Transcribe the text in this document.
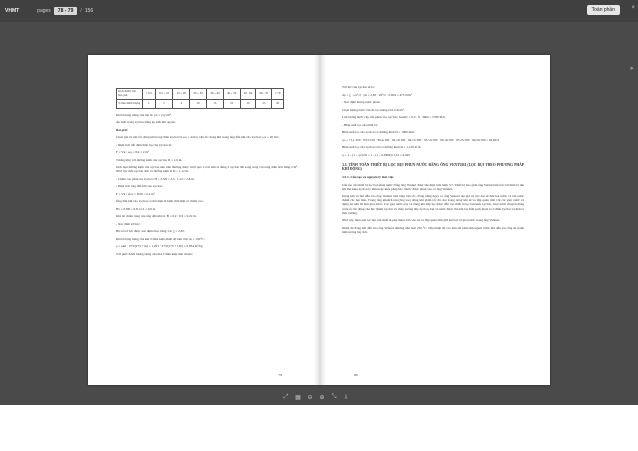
VHMT	pages	78 - 79	/ 156	Toàn phần	×
▸
Kích thước hạt bụi, µm	< 0,5	0,5 ÷ 10	10 ÷ 20	20 ÷ 30	30 ÷ 40	40 ÷ 50	50 - 60	60 - 70	> 70
% theo khối lượng	1	5	4	10	15	10	10	25	20

Khối lượng riêng của bụi là: ρb = 2 g/cm³.

Áp suất trong xyclon bằng áp suất khí quyển.

Bài giải:

Chọn giá trị vận tốc dòng khí trong thân xyclon là ωq = 4 m/s; vận tốc dòng khí trong ống dẫn khí vào xyclon: ωv = 20 m/s.

- Diện tích tiết diện thân trụ của xyclon là:

F = Vk / ωq = 8/4 = 2 m²

Tương ứng với đường kính của xyclon D = 1,6 m.

Giới hạn đường kính của xyclon nêu trên thường được vượt quá 1,2 m nên ta dùng 2 xyclon đặt song song với tổng diện tích bằng 2 m². Như vậy mỗi xyclon đơn có đường kính là D = 1,12 m.

- Chiều cao phần trụ xyclon: H = 2,5D = 2,5 . 1,12 = 2,8 m.

- Diện tích ống dẫn khí vào xyclon:

F = Vk / 2ωv = 8/20 = 0,2 m²

Ống dẫn khí vào xyclon có tiết diện là hình chữ nhật có chiều cao:

Hv = 0,8D = 0,8.1,12 = 0,9 m

Khi đó chiều rộng của ống dẫn khí là: B = 0,2 / 0,9 = 0,22 m.

- Xác định trở lực:

Hệ số trở lực được xác định theo bảng 3.4: ξ = 2,85.

Khối lượng riêng của khí ở điều kiện nhiệt độ làm việc tk = 150°C:

ρ = ρk0 · 273/(273 + tk) = 1,293 · 273/(273 + 150) = 0,834 m³/kg

Với ρk0: Khối lượng riêng của khí ở điều kiện tiêu chuẩn;

79

Trở lực của xyclon sẽ là:

Δp = ξ · ωv²/2 · ρk = 2,85 · 20²/2 · 0,834 = 475 N/m²

- Xác định lượng nước phun:

Chọn lượng nước cần để tạo màng là 0,2 lít/m².

Lưu lượng nước cấp cần phun vào xyclon: Gnước = 0,2 . 8 . 3600 = 5760 lít/h.

- Hiệu suất lọc của thiết bị:

Hiệu suất lọc của xyclon có đường kính D = 1000 mm:

ηo = 71,1/100 · 83,5/100 · 89,4/100 · 92,16/100 · 94,15/100 · 95,10/100 · 96,10/100 · 97,25/100 · 99,20/100 = 94,84%

Hiệu suất lọc của xyclon với có đường kính D = 1,120 m là:

η = 1 – (1 – ηo)√D = 1 – (1 – 0,9484)√1,12 = 0,945

3.5. TÍNH TOÁN THIẾT BỊ LỌC BỤI PHUN NƯỚC BẰNG ỐNG VENTURI (LỌC BỤI THEO PHƯƠNG PHÁP KHÍ ĐỘNG)

3.5.1. Cấu tạo và nguyên lý làm việc

Cấu tạo của thiết bị lọc bụi phun nước bằng ống Venturi được thể hiện trên hình 3.7. Thiết bị bao gồm ống Venturi kết nối với thiết bị thu hồi bụi kiểu xyclon ly tâm hoặc kiểu pháp lực. Nước được phun vào cổ ống Venturi.

Dòng khí và bụi dẫn vào ống Venturi làm tăng vận tốc, đồng năng ngay cổ ống Venturi đạt giá trị cực đại sẽ đưa hạt nước và tán nước thành các hạt mịn. Trong ống khuếch tán (ống loe) dòng khí giảm tốc độ, hạt trong dòng khí sẽ va đập quán tính với các giọt nước và dựng lại trên bề mặt giọt nước. Các giọt nước này và dòng khí tiếp tục được dẫn vào thiết bị lọc bụi kiểu xyclon. Giọt nước chuyển động xoắn ốc tắc động của lực thành xyclon và chảy xuống đáy xyclon, bụi và nước được thu hồi lại. Khí sạch thoát ra ở đỉnh xyclon và thải ra môi trường.

Như vậy, hiệu quả lọc bụi của thiết bị phụ thuộc lớn vào sự va đập quán tính giữ hạt bụi và giọt nước trong ống Venturi.

Nhiệt độ dòng khí dẫn vào ống Venturi thường nhỏ hơn 250 °C. Nếu nhiệt độ cao hơn thì phải làm nguội trước khi dẫn vào ống để tránh hiện tượng bay hơi.

80
⤢ ▦ ⊖ ⊕ ⤡ ⇩
